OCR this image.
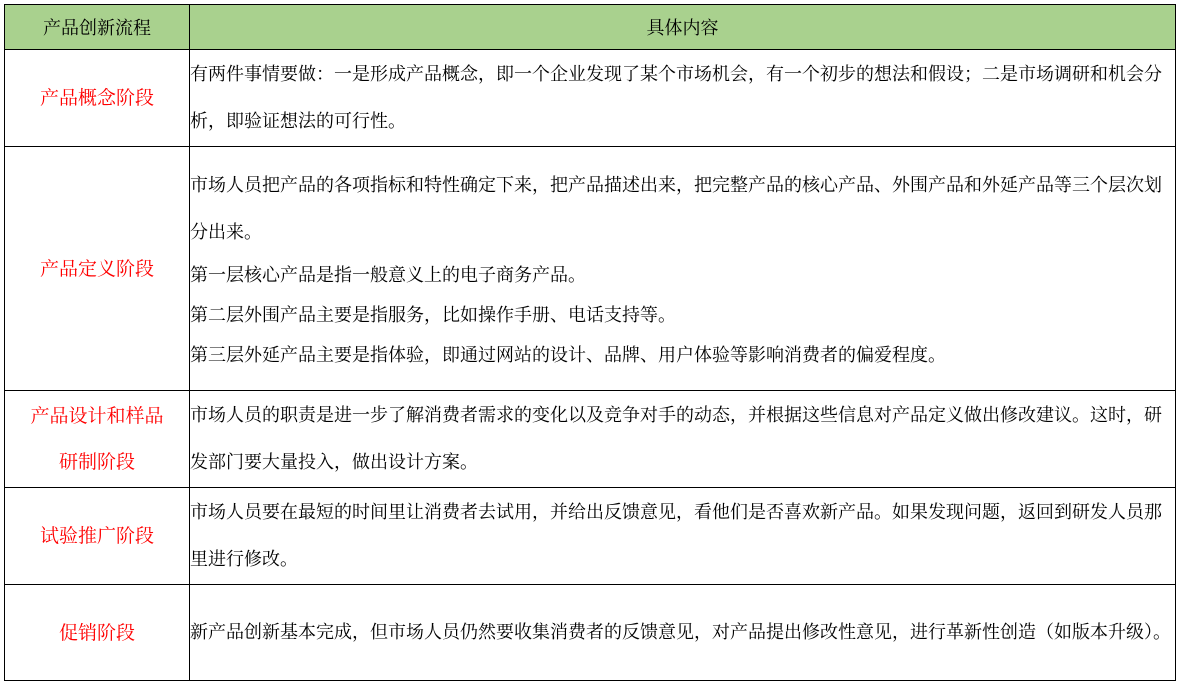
产品创新流程	具体内容

产品概念阶段	有两件事情要做：一是形成产品概念，即一个企业发现了某个市场机会，有一个初步的想法和假设；二是市场调研和机会分析，即验证想法的可行性。

产品定义阶段	市场人员把产品的各项指标和特性确定下来，把产品描述出来，把完整产品的核心产品、外围产品和外延产品等三个层次划分出来。

第一层核心产品是指一般意义上的电子商务产品。

第二层外围产品主要是指服务，比如操作手册、电话支持等。

第三层外延产品主要是指体验，即通过网站的设计、品牌、用户体验等影响消费者的偏爱程度。

产品设计和样品
研制阶段	市场人员的职责是进一步了解消费者需求的变化以及竞争对手的动态，并根据这些信息对产品定义做出修改建议。这时，研发部门要大量投入，做出设计方案。

试验推广阶段	市场人员要在最短的时间里让消费者去试用，并给出反馈意见，看他们是否喜欢新产品。如果发现问题，返回到研发人员那里进行修改。

促销阶段	新产品创新基本完成，但市场人员仍然要收集消费者的反馈意见，对产品提出修改性意见，进行革新性创造（如版本升级）。
